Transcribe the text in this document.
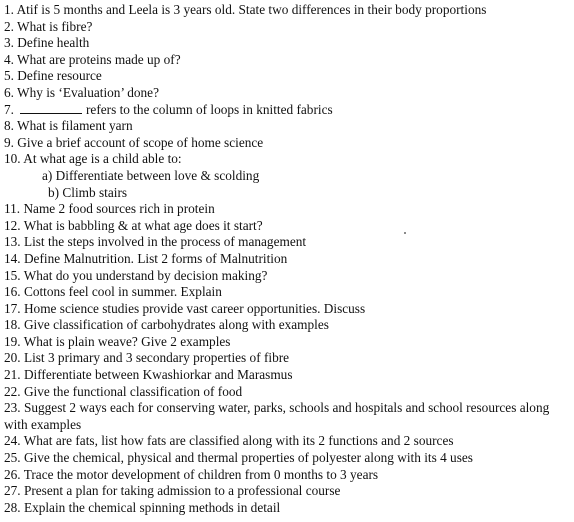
1. Atif is 5 months and Leela is 3 years old. State two differences in their body proportions
2. What is fibre?
3. Define health
4. What are proteins made up of?
5. Define resource
6. Why is ‘Evaluation’ done?
7.	refers to the column of loops in knitted fabrics
8. What is filament yarn
9. Give a brief account of scope of home science
10. At what age is a child able to:
a) Differentiate between love & scolding
b) Climb stairs
11. Name 2 food sources rich in protein
12. What is babbling & at what age does it start?
13. List the steps involved in the process of management
14. Define Malnutrition. List 2 forms of Malnutrition
15. What do you understand by decision making?
16. Cottons feel cool in summer. Explain
17. Home science studies provide vast career opportunities. Discuss
18. Give classification of carbohydrates along with examples
19. What is plain weave? Give 2 examples
20. List 3 primary and 3 secondary properties of fibre
21. Differentiate between Kwashiorkar and Marasmus
22. Give the functional classification of food
23. Suggest 2 ways each for conserving water, parks, schools and hospitals and school resources along with examples
24. What are fats, list how fats are classified along with its 2 functions and 2 sources
25. Give the chemical, physical and thermal properties of polyester along with its 4 uses
26. Trace the motor development of children from 0 months to 3 years
27. Present a plan for taking admission to a professional course
28. Explain the chemical spinning methods in detail
